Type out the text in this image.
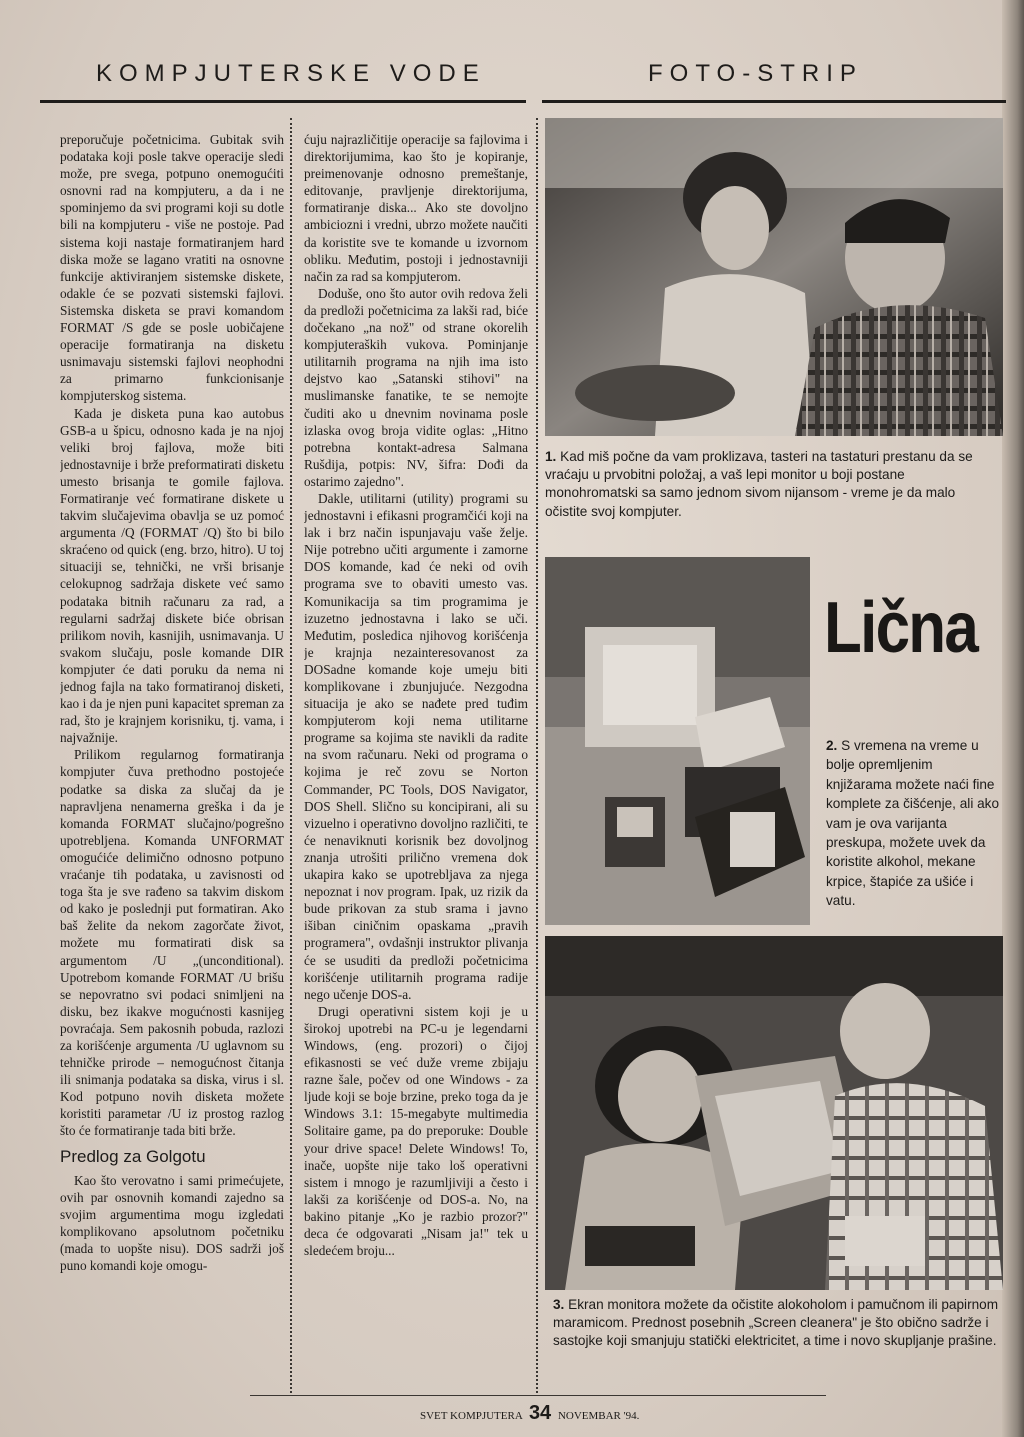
KOMPJUTERSKE VODE	FOTO-STRIP

preporučuje početnicima. Gubitak svih podataka koji posle takve operacije sledi može, pre svega, potpuno onemogućiti osnovni rad na kompjuteru, a da i ne spominjemo da svi programi koji su dotle bili na kompjuteru - više ne postoje. Pad sistema koji nastaje formatiranjem hard diska može se lagano vratiti na osnovne funkcije aktiviranjem sistemske diskete, odakle će se pozvati sistemski fajlovi. Sistemska disketa se pravi komandom FORMAT /S gde se posle uobičajene operacije formatiranja na disketu usnimavaju sistemski fajlovi neophodni za primarno funkcionisanje kompjuterskog sistema.

Kada je disketa puna kao autobus GSB-a u špicu, odnosno kada je na njoj veliki broj fajlova, može biti jednostavnije i brže preformatirati disketu umesto brisanja te gomile fajlova. Formatiranje već formatirane diskete u takvim slučajevima obavlja se uz pomoć argumenta /Q (FORMAT /Q) što bi bilo skraćeno od quick (eng. brzo, hitro). U toj situaciji se, tehnički, ne vrši brisanje celokupnog sadržaja diskete već samo podataka bitnih računaru za rad, a regularni sadržaj diskete biće obrisan prilikom novih, kasnijih, usnimavanja. U svakom slučaju, posle komande DIR kompjuter će dati poruku da nema ni jednog fajla na tako formatiranoj disketi, kao i da je njen puni kapacitet spreman za rad, što je krajnjem korisniku, tj. vama, i najvažnije.

Prilikom regularnog formatiranja kompjuter čuva prethodno postojeće podatke sa diska za slučaj da je napravljena nenamerna greška i da je komanda FORMAT slučajno/pogrešno upotrebljena. Komanda UNFORMAT omogućiće delimično odnosno potpuno vraćanje tih podataka, u zavisnosti od toga šta je sve rađeno sa takvim diskom od kako je poslednji put formatiran. Ako baš želite da nekom zagorčate život, možete mu formatirati disk sa argumentom /U „(unconditional). Upotrebom komande FORMAT /U brišu se nepovratno svi podaci snimljeni na disku, bez ikakve mogućnosti kasnijeg povraćaja. Sem pakosnih pobuda, razlozi za korišćenje argumenta /U uglavnom su tehničke prirode – nemogućnost čitanja ili snimanja podataka sa diska, virus i sl. Kod potpuno novih disketa možete koristiti parametar /U iz prostog razlog što će formatiranje tada biti brže.

Predlog za Golgotu

Kao što verovatno i sami primećujete, ovih par osnovnih komandi zajedno sa svojim argumentima mogu izgledati komplikovano apsolutnom početniku (mada to uopšte nisu). DOS sadrži još puno komandi koje omogu-

ćuju najrazličitije operacije sa fajlovima i direktorijumima, kao što je kopiranje, preimenovanje odnosno premeštanje, editovanje, pravljenje direktorijuma, formatiranje diska... Ako ste dovoljno ambiciozni i vredni, ubrzo možete naučiti da koristite sve te komande u izvornom obliku. Međutim, postoji i jednostavniji način za rad sa kompjuterom.

Doduše, ono što autor ovih redova želi da predloži početnicima za lakši rad, biće dočekano „na nož" od strane okorelih kompjuteraških vukova. Pominjanje utilitarnih programa na njih ima isto dejstvo kao „Satanski stihovi" na muslimanske fanatike, te se nemojte čuditi ako u dnevnim novinama posle izlaska ovog broja vidite oglas: „Hitno potrebna kontakt-adresa Salmana Rušdija, potpis: NV, šifra: Dođi da ostarimo zajedno".

Dakle, utilitarni (utility) programi su jednostavni i efikasni programčići koji na lak i brz način ispunjavaju vaše želje. Nije potrebno učiti argumente i zamorne DOS komande, kad će neki od ovih programa sve to obaviti umesto vas. Komunikacija sa tim programima je izuzetno jednostavna i lako se uči. Međutim, posledica njihovog korišćenja je krajnja nezainteresovanost za DOSadne komande koje umeju biti komplikovane i zbunjujuće. Nezgodna situacija je ako se nađete pred tuđim kompjuterom koji nema utilitarne programe sa kojima ste navikli da radite na svom računaru. Neki od programa o kojima je reč zovu se Norton Commander, PC Tools, DOS Navigator, DOS Shell. Slično su koncipirani, ali su vizuelno i operativno dovoljno različiti, te će nenaviknuti korisnik bez dovoljnog znanja utrošiti prilično vremena dok ukapira kako se upotrebljava za njega nepoznat i nov program. Ipak, uz rizik da bude prikovan za stub srama i javno išiban ciničnim opaskama „pravih programera", ovdašnji instruktor plivanja će se usuditi da predloži početnicima korišćenje utilitarnih programa radije nego učenje DOS-a.

Drugi operativni sistem koji je u širokoj upotrebi na PC-u je legendarni Windows, (eng. prozori) o čijoj efikasnosti se već duže vreme zbijaju razne šale, počev od one Windows - za ljude koji se boje brzine, preko toga da je Windows 3.1: 15-megabyte multimedia Solitaire game, pa do preporuke: Double your drive space! Delete Windows! To, inače, uopšte nije tako loš operativni sistem i mnogo je razumljiviji a često i lakši za korišćenje od DOS-a. No, na bakino pitanje „Ko je razbio prozor?" deca će odgovarati „Nisam ja!" tek u sledećem broju...

1. Kad miš počne da vam proklizava, tasteri na tastaturi prestanu da se vraćaju u prvobitni položaj, a vaš lepi monitor u boji postane monohromatski sa samo jednom sivom nijansom - vreme je da malo očistite svoj kompjuter.
Lična
2. S vremena na vreme u bolje opremljenim knjižarama možete naći fine komplete za čišćenje, ali ako vam je ova varijanta preskupa, možete uvek da koristite alkohol, mekane krpice, štapiće za ušiće i vatu.
3. Ekran monitora možete da očistite alokoholom i pamučnom ili papirnom maramicom. Prednost posebnih „Screen cleanera" je što obično sadrže i sastojke koji smanjuju statički elektricitet, a time i novo skupljanje prašine.
SVET KOMPJUTERA 34 NOVEMBAR '94.
